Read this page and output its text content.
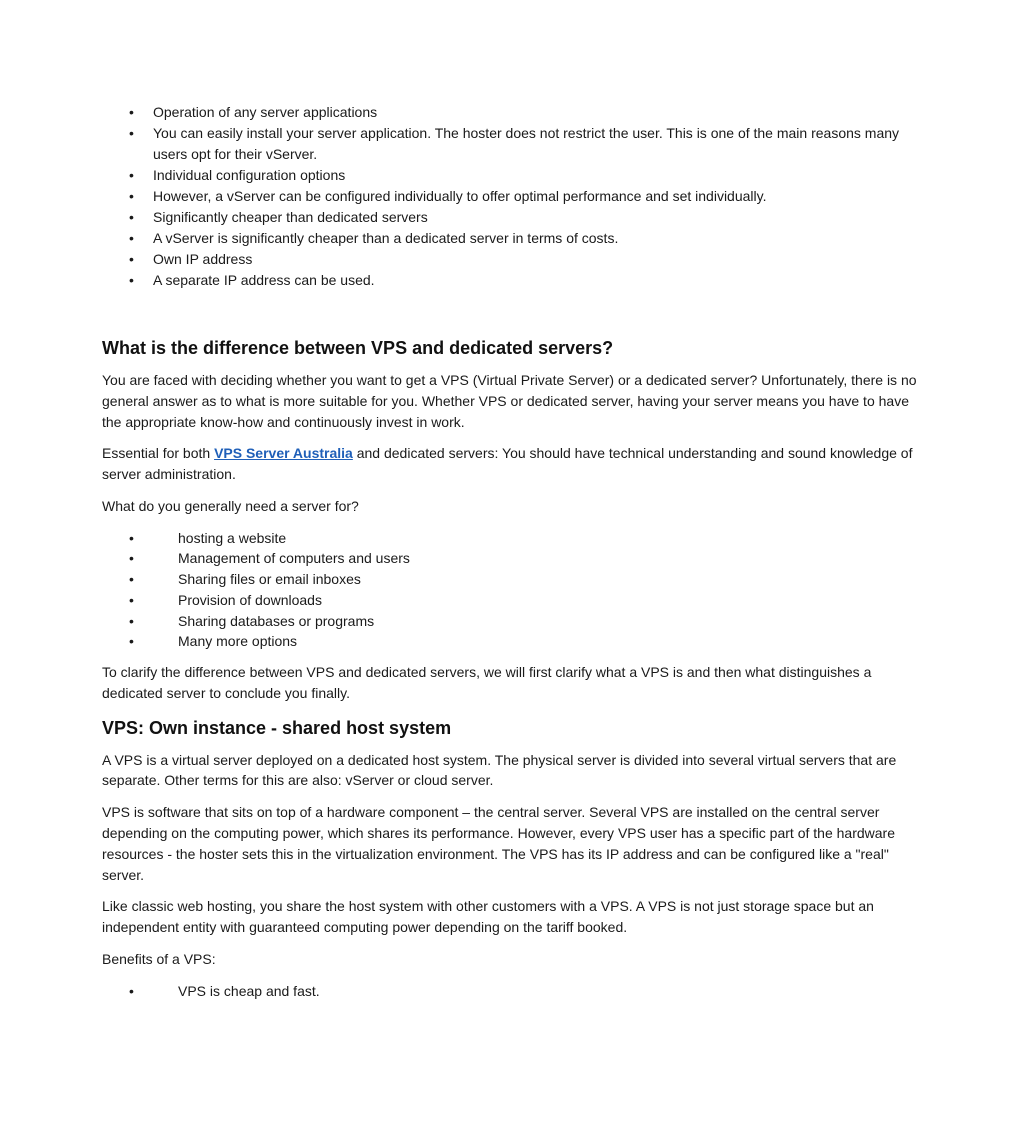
• Operation of any server applications
• You can easily install your server application. The hoster does not restrict the user. This is one of the main reasons many users opt for their vServer.
• Individual configuration options
• However, a vServer can be configured individually to offer optimal performance and set individually.
• Significantly cheaper than dedicated servers
• A vServer is significantly cheaper than a dedicated server in terms of costs.
• Own IP address
• A separate IP address can be used.
What is the difference between VPS and dedicated servers?

You are faced with deciding whether you want to get a VPS (Virtual Private Server) or a dedicated server? Unfortunately, there is no general answer as to what is more suitable for you. Whether VPS or dedicated server, having your server means you have to have the appropriate know-how and continuously invest in work.

Essential for both VPS Server Australia and dedicated servers: You should have technical understanding and sound knowledge of server administration.

What do you generally need a server for?

•	hosting a website
•	Management of computers and users
•	Sharing files or email inboxes
•	Provision of downloads
•	Sharing databases or programs
•	Many more options

To clarify the difference between VPS and dedicated servers, we will first clarify what a VPS is and then what distinguishes a dedicated server to conclude you finally.

VPS: Own instance - shared host system

A VPS is a virtual server deployed on a dedicated host system. The physical server is divided into several virtual servers that are separate. Other terms for this are also: vServer or cloud server.

VPS is software that sits on top of a hardware component – the central server. Several VPS are installed on the central server depending on the computing power, which shares its performance. However, every VPS user has a specific part of the hardware resources - the hoster sets this in the virtualization environment. The VPS has its IP address and can be configured like a "real" server.

Like classic web hosting, you share the host system with other customers with a VPS. A VPS is not just storage space but an independent entity with guaranteed computing power depending on the tariff booked.

Benefits of a VPS:

•	VPS is cheap and fast.
